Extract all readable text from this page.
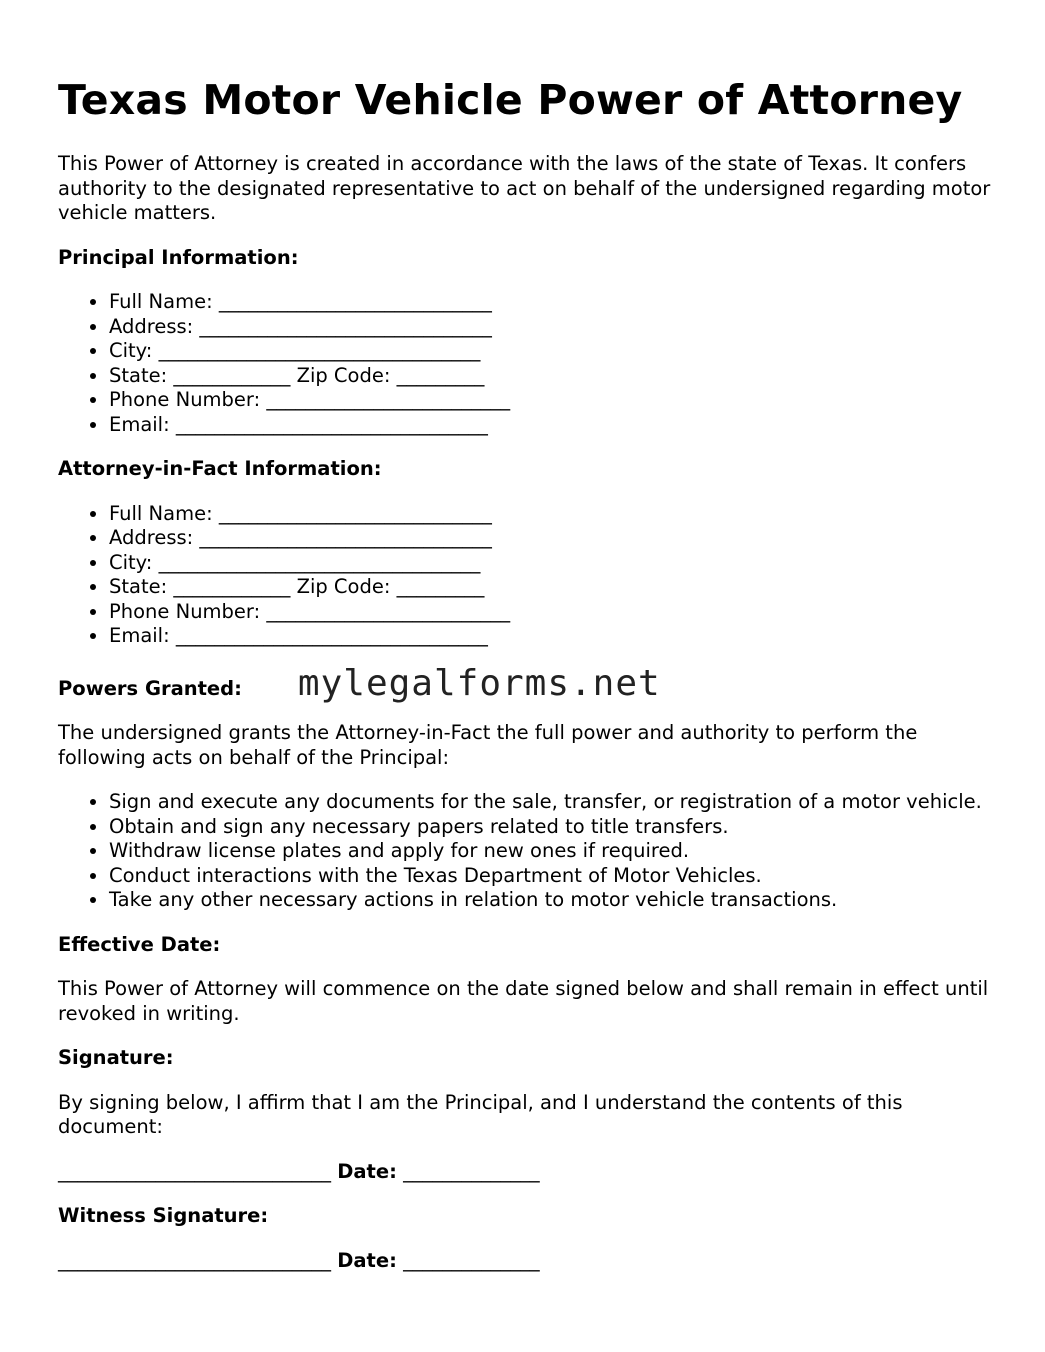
Texas Motor Vehicle Power of Attorney

This Power of Attorney is created in accordance with the laws of the state of Texas. It confers authority to the designated representative to act on behalf of the undersigned regarding motor vehicle matters.

Principal Information:
• Full Name: ____________________________
• Address: ______________________________
• City: _________________________________
• State: ____________ Zip Code: _________
• Phone Number: _________________________
• Email: ________________________________
Attorney-in-Fact Information:
• Full Name: ____________________________
• Address: ______________________________
• City: _________________________________
• State: ____________ Zip Code: _________
• Phone Number: _________________________
• Email: ________________________________
Powers Granted: mylegalforms.net

The undersigned grants the Attorney-in-Fact the full power and authority to perform the following acts on behalf of the Principal:

• Sign and execute any documents for the sale, transfer, or registration of a motor vehicle.
• Obtain and sign any necessary papers related to title transfers.
• Withdraw license plates and apply for new ones if required.
• Conduct interactions with the Texas Department of Motor Vehicles.
• Take any other necessary actions in relation to motor vehicle transactions.
Effective Date:

This Power of Attorney will commence on the date signed below and shall remain in effect until revoked in writing.

Signature:

By signing below, I affirm that I am the Principal, and I understand the contents of this document:

____________________________ Date: ______________
Witness Signature:
____________________________ Date: ______________
